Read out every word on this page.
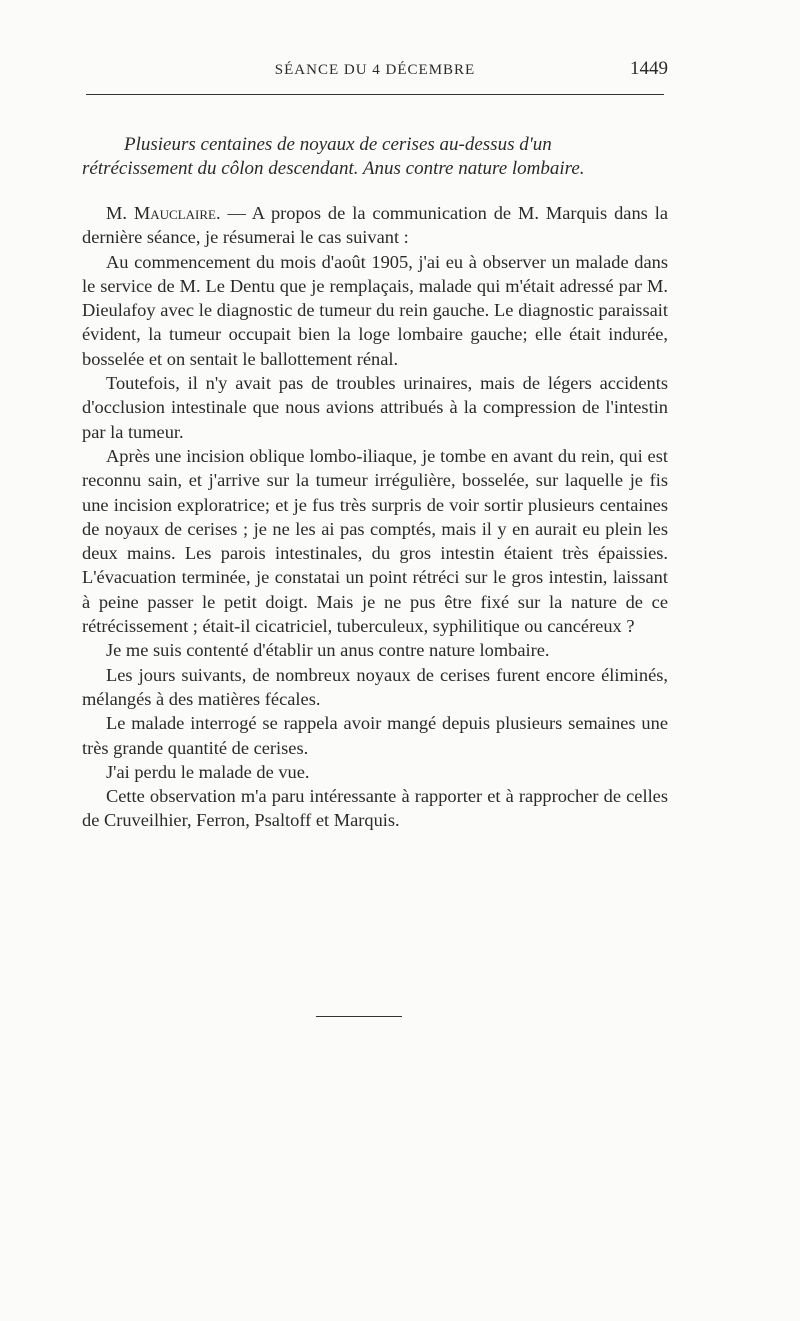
SÉANCE DU 4 DÉCEMBRE	1449
Plusieurs centaines de noyaux de cerises au-dessus d'un
rétrécissement du côlon descendant. Anus contre nature lombaire.

M. Mauclaire. — A propos de la communication de M. Marquis dans la dernière séance, je résumerai le cas suivant :

Au commencement du mois d'août 1905, j'ai eu à observer un malade dans le service de M. Le Dentu que je remplaçais, malade qui m'était adressé par M. Dieulafoy avec le diagnostic de tumeur du rein gauche. Le diagnostic paraissait évident, la tumeur occupait bien la loge lombaire gauche; elle était indurée, bosselée et on sentait le ballottement rénal.

Toutefois, il n'y avait pas de troubles urinaires, mais de légers accidents d'occlusion intestinale que nous avions attribués à la compression de l'intestin par la tumeur.

Après une incision oblique lombo-iliaque, je tombe en avant du rein, qui est reconnu sain, et j'arrive sur la tumeur irrégulière, bosselée, sur laquelle je fis une incision exploratrice; et je fus très surpris de voir sortir plusieurs centaines de noyaux de cerises ; je ne les ai pas comptés, mais il y en aurait eu plein les deux mains. Les parois intestinales, du gros intestin étaient très épaissies. L'évacuation terminée, je constatai un point rétréci sur le gros intestin, laissant à peine passer le petit doigt. Mais je ne pus être fixé sur la nature de ce rétrécissement ; était-il cicatriciel, tuberculeux, syphilitique ou cancéreux ?

Je me suis contenté d'établir un anus contre nature lombaire.

Les jours suivants, de nombreux noyaux de cerises furent encore éliminés, mélangés à des matières fécales.

Le malade interrogé se rappela avoir mangé depuis plusieurs semaines une très grande quantité de cerises.

J'ai perdu le malade de vue.

Cette observation m'a paru intéressante à rapporter et à rapprocher de celles de Cruveilhier, Ferron, Psaltoff et Marquis.
